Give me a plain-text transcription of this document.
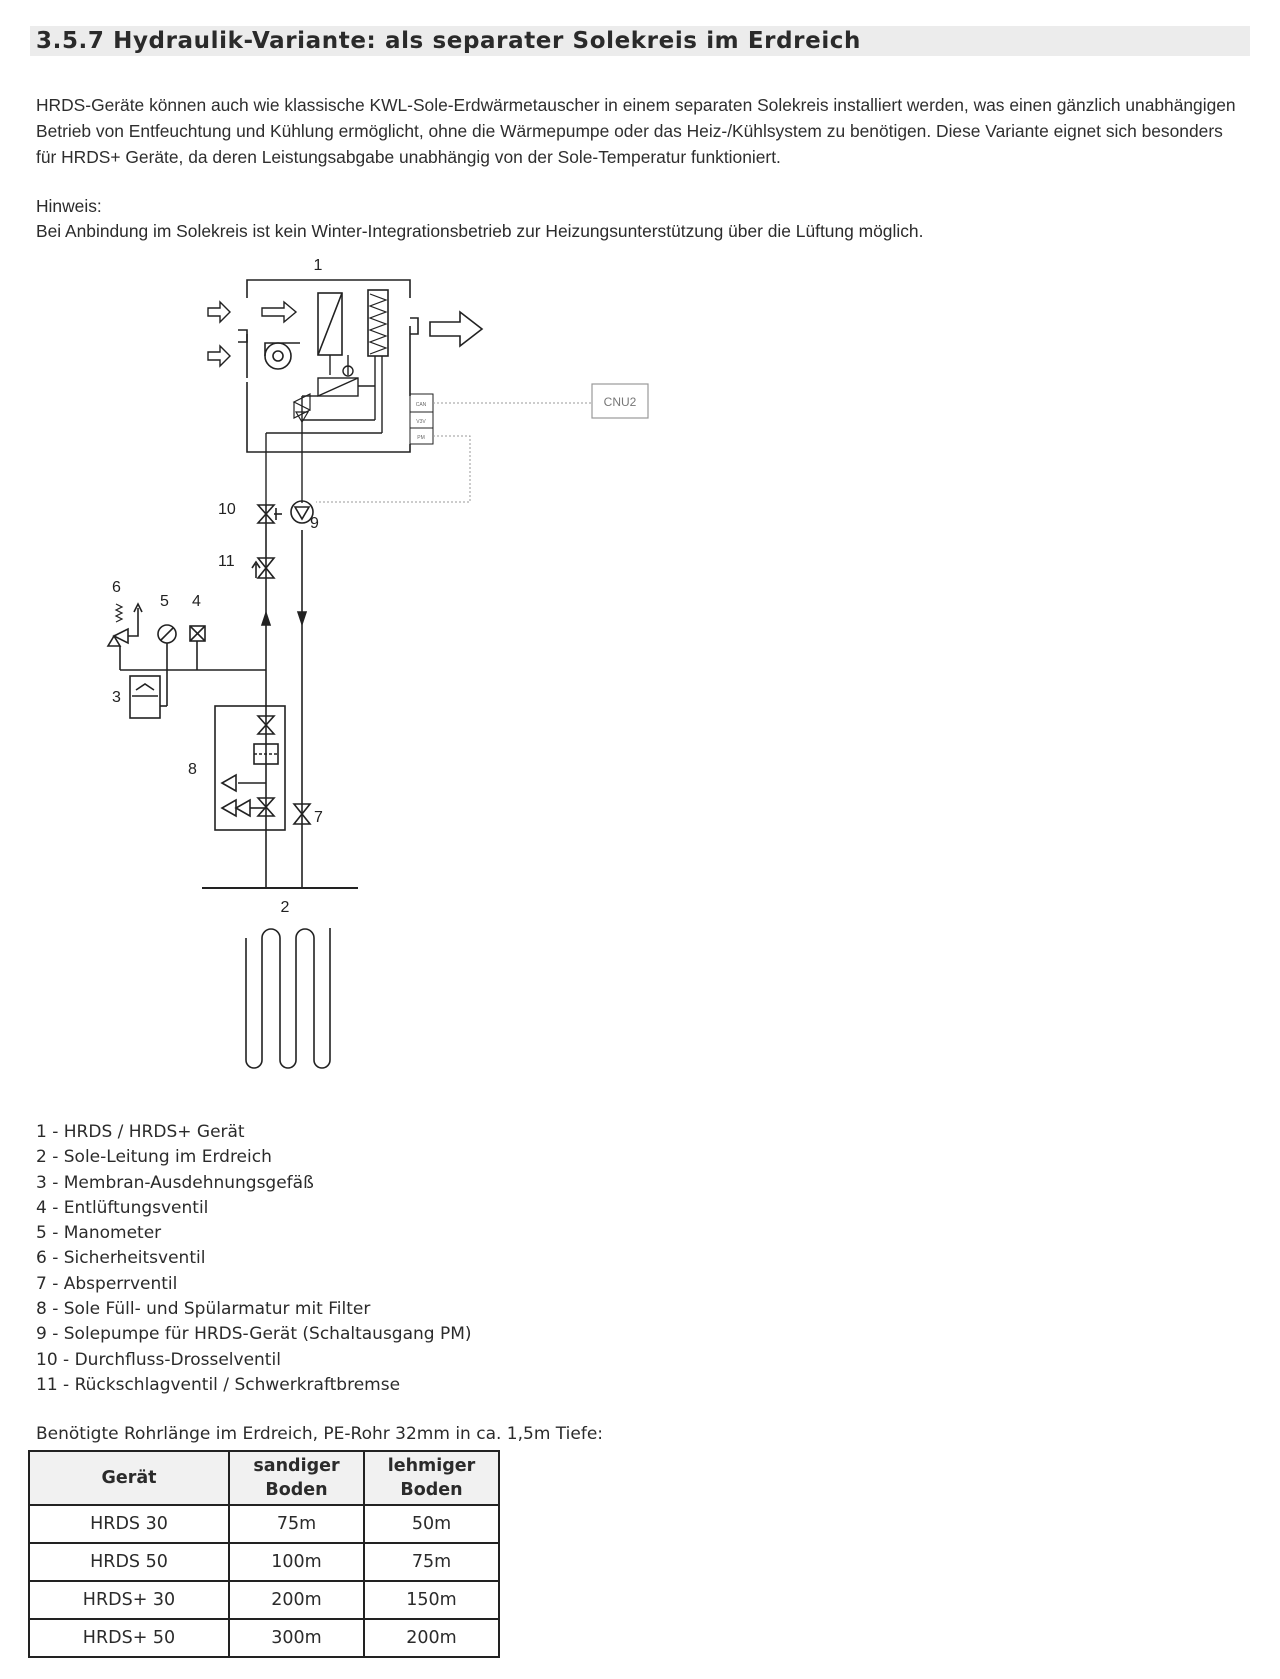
3.5.7 Hydraulik-Variante: als separater Solekreis im Erdreich

HRDS-Geräte können auch wie klassische KWL-Sole-Erdwärmetauscher in einem separaten Solekreis installiert werden, was einen gänzlich unabhängigen Betrieb von Entfeuchtung und Kühlung ermöglicht, ohne die Wärmepumpe oder das Heiz-/Kühlsystem zu benötigen. Diese Variante eignet sich besonders für HRDS+ Geräte, da deren Leistungsabgabe unabhängig von der Sole-Temperatur funktioniert.

Hinweis:

Bei Anbindung im Solekreis ist kein Winter-Integrationsbetrieb zur Heizungsunterstützung über die Lüftung möglich.

CNU2
CAN
V3V
PM
1
2
3
4
5
6
7
8
9
10
11
1 - HRDS / HRDS+ Gerät
2 - Sole-Leitung im Erdreich
3 - Membran-Ausdehnungsgefäß
4 - Entlüftungsventil
5 - Manometer
6 - Sicherheitsventil
7 - Absperrventil
8 - Sole Füll- und Spülarmatur mit Filter
9 - Solepumpe für HRDS-Gerät (Schaltausgang PM)
10 - Durchfluss-Drosselventil
11 - Rückschlagventil / Schwerkraftbremse

Benötigte Rohrlänge im Erdreich, PE-Rohr 32mm in ca. 1,5m Tiefe:

Gerät	sandiger Boden	lehmiger Boden
HRDS 30	75m	50m
HRDS 50	100m	75m
HRDS+ 30	200m	150m
HRDS+ 50	300m	200m
